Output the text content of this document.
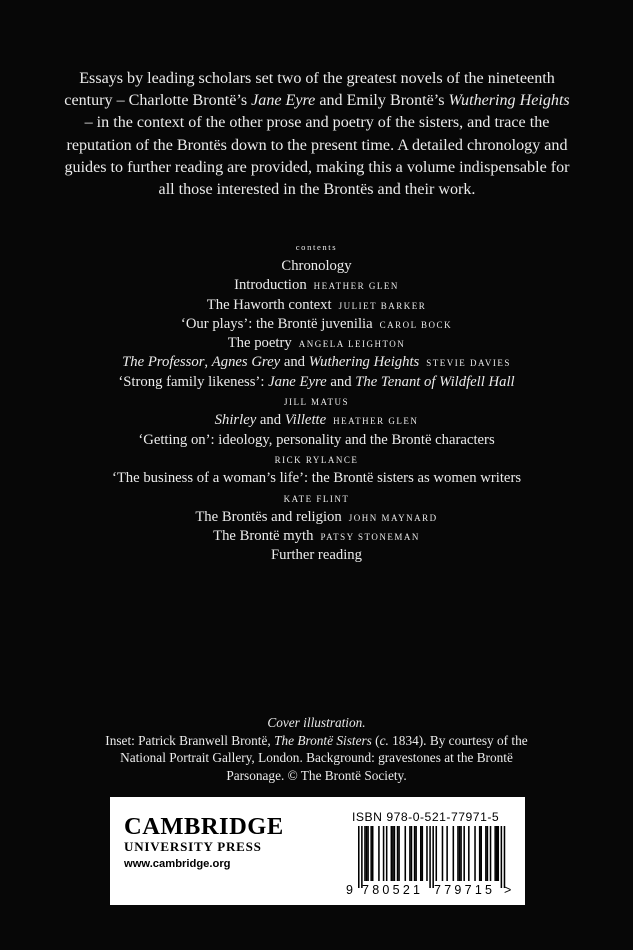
Essays by leading scholars set two of the greatest novels of the nineteenth century – Charlotte Brontë’s Jane Eyre and Emily Brontë’s Wuthering Heights – in the context of the other prose and poetry of the sisters, and trace the reputation of the Brontës down to the present time. A detailed chronology and guides to further reading are provided, making this a volume indispensable for all those interested in the Brontës and their work.
contents
Chronology
Introduction HEATHER GLEN
The Haworth context JULIET BARKER
‘Our plays’: the Brontë juvenilia CAROL BOCK
The poetry ANGELA LEIGHTON
The Professor, Agnes Grey and Wuthering Heights STEVIE DAVIES
‘Strong family likeness’: Jane Eyre and The Tenant of Wildfell Hall
JILL MATUS
Shirley and Villette HEATHER GLEN
‘Getting on’: ideology, personality and the Brontë characters
RICK RYLANCE
‘The business of a woman’s life’: the Brontë sisters as women writers
KATE FLINT
The Brontës and religion JOHN MAYNARD
The Brontë myth PATSY STONEMAN
Further reading
Cover illustration.
Inset: Patrick Branwell Brontë, The Brontë Sisters (c. 1834). By courtesy of the National Portrait Gallery, London. Background: gravestones at the Brontë Parsonage. © The Brontë Society.
CAMBRIDGE
UNIVERSITY PRESS
www.cambridge.org
ISBN 978-0-521-77971-5
9 780521 779715 >
